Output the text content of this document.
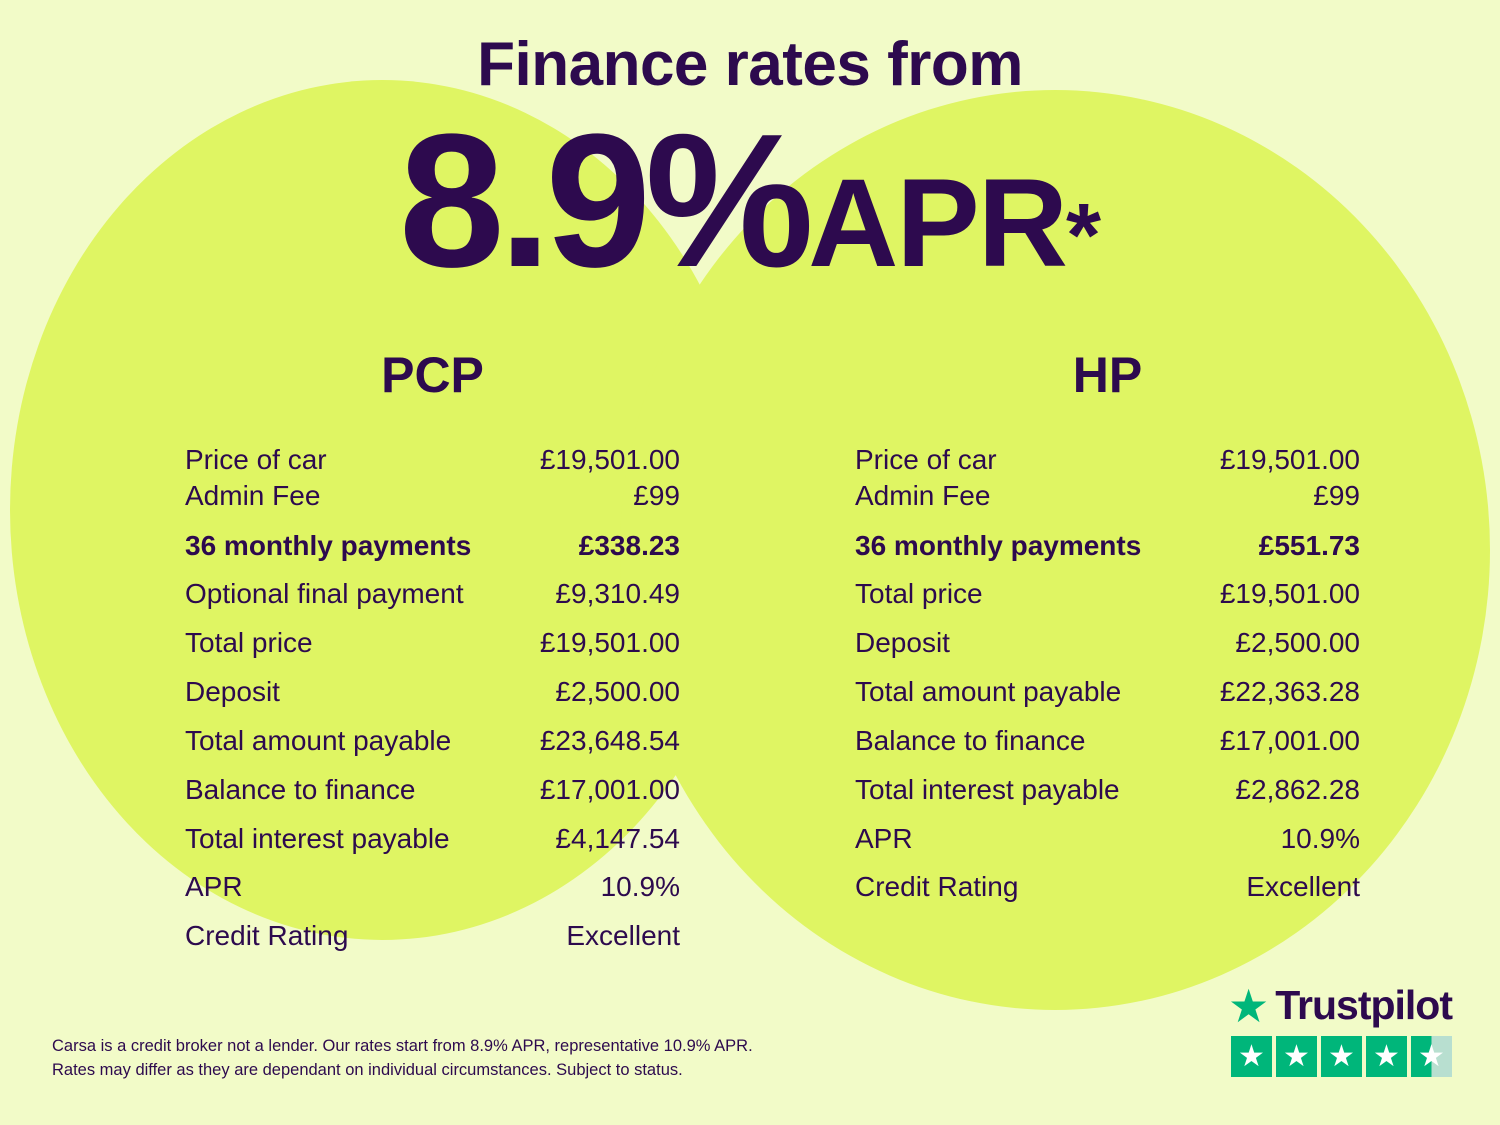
Finance rates from
8.9%APR*
PCP
Price of car	£19,501.00
Admin Fee	£99
36 monthly payments	£338.23
Optional final payment	£9,310.49
Total price	£19,501.00
Deposit	£2,500.00
Total amount payable	£23,648.54
Balance to finance	£17,001.00
Total interest payable	£4,147.54
APR	10.9%
Credit Rating	Excellent
HP
Price of car	£19,501.00
Admin Fee	£99
36 monthly payments	£551.73
Total price	£19,501.00
Deposit	£2,500.00
Total amount payable	£22,363.28
Balance to finance	£17,001.00
Total interest payable	£2,862.28
APR	10.9%
Credit Rating	Excellent
Carsa is a credit broker not a lender. Our rates start from 8.9% APR, representative 10.9% APR.
Rates may differ as they are dependant on individual circumstances. Subject to status.
★ Trustpilot
★ ★ ★ ★ ★
